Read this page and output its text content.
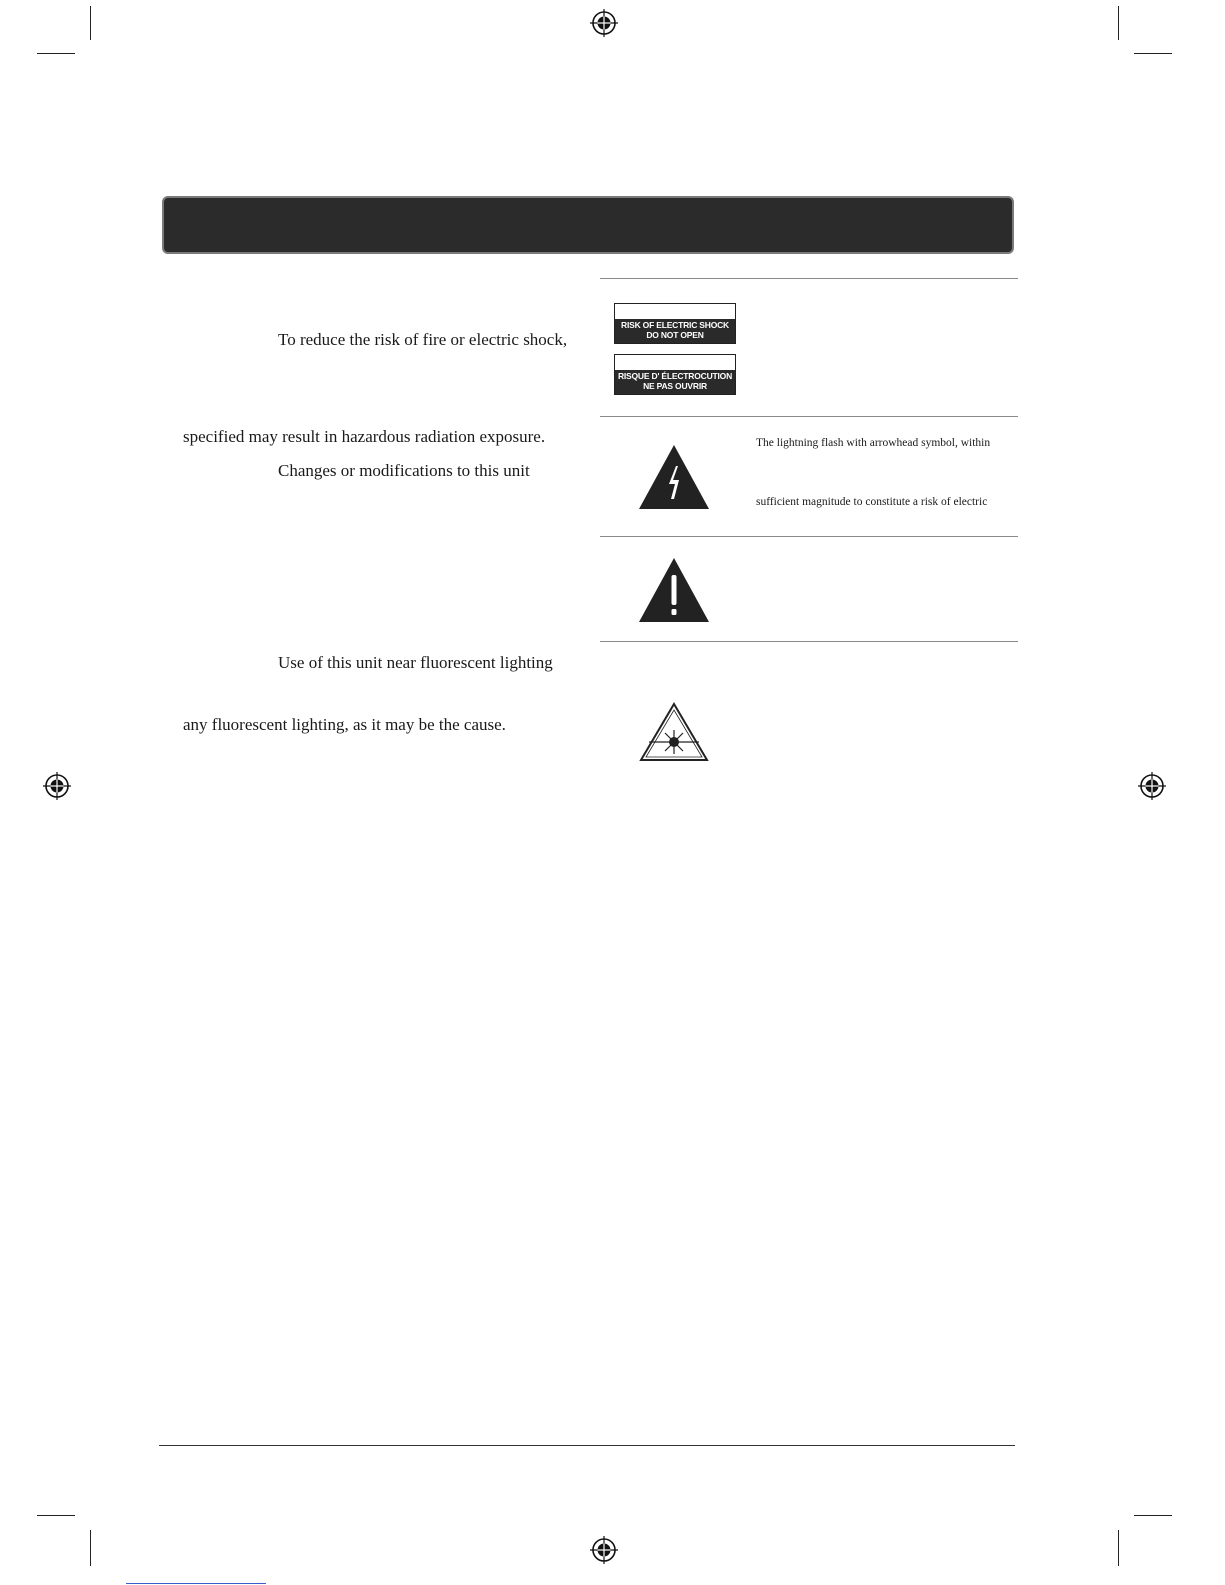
To reduce the risk of fire or electric shock,
specified may result in hazardous radiation exposure.
Changes or modifications to this unit
Use of this unit near fluorescent lighting
any fluorescent lighting, as it may be the cause.
RISK OF ELECTRIC SHOCK
DO NOT OPEN
RISQUE D' ÉLECTROCUTION
NE PAS OUVRIR
The lightning flash with arrowhead symbol, within
sufficient magnitude to constitute a risk of electric
